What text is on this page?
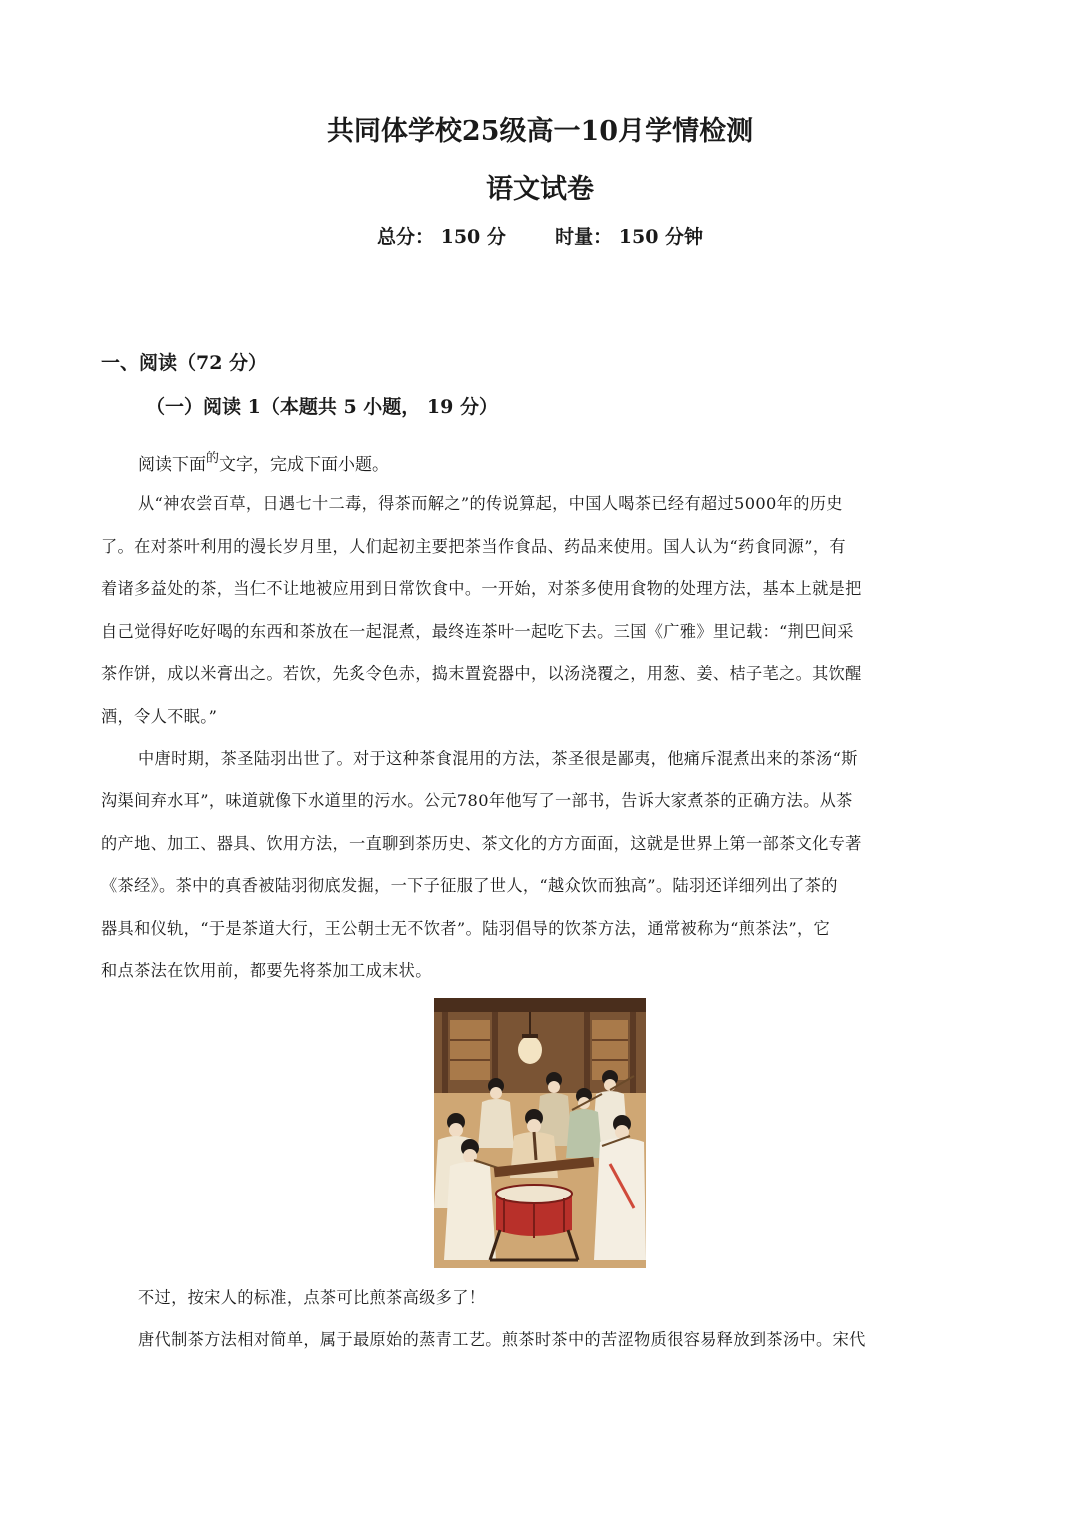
共同体学校25级高一10月学情检测
语文试卷
总分： 150 分	时量： 150 分钟
一、阅读（72 分）
（一）阅读 1（本题共 5 小题， 19 分）
阅读下面$^的$文字，完成下面小题。
从“神农尝百草，日遇七十二毒，得茶而解之”的传说算起，中国人喝茶已经有超过5000年的历史
了。在对茶叶利用的漫长岁月里，人们起初主要把茶当作食品、药品来使用。国人认为“药食同源”，有
着诸多益处的茶，当仁不让地被应用到日常饮食中。一开始，对茶多使用食物的处理方法，基本上就是把
自己觉得好吃好喝的东西和茶放在一起混煮，最终连茶叶一起吃下去。三国《广雅》里记载：“荆巴间采
茶作饼，成以米膏出之。若饮，先炙令色赤，捣末置瓷器中，以汤浇覆之，用葱、姜、桔子芼之。其饮醒
酒，令人不眠。”
中唐时期，茶圣陆羽出世了。对于这种茶食混用的方法，茶圣很是鄙夷，他痛斥混煮出来的茶汤“斯
沟渠间弃水耳”，味道就像下水道里的污水。公元780年他写了一部书，告诉大家煮茶的正确方法。从茶
的产地、加工、器具、饮用方法，一直聊到茶历史、茶文化的方方面面，这就是世界上第一部茶文化专著
《茶经》。茶中的真香被陆羽彻底发掘，一下子征服了世人，“越众饮而独高”。陆羽还详细列出了茶的
器具和仪轨，“于是茶道大行，王公朝士无不饮者”。陆羽倡导的饮茶方法，通常被称为“煎茶法”，它
和点茶法在饮用前，都要先将茶加工成末状。
不过，按宋人的标准，点茶可比煎茶高级多了！
唐代制茶方法相对简单，属于最原始的蒸青工艺。煎茶时茶中的苦涩物质很容易释放到茶汤中。宋代
